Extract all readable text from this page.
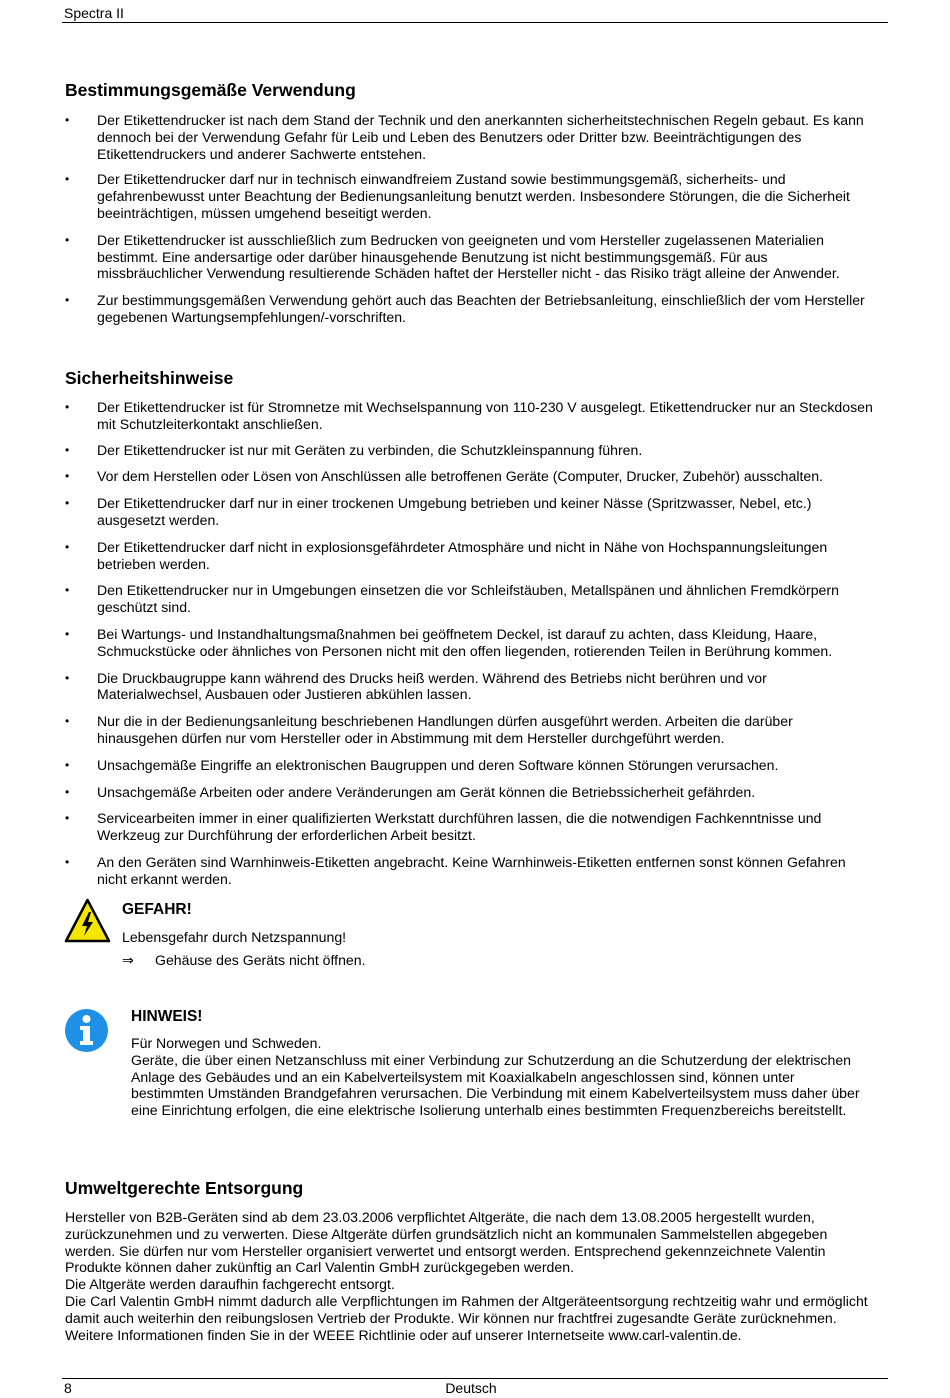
Spectra II
Bestimmungsgemäße Verwendung
• Der Etikettendrucker ist nach dem Stand der Technik und den anerkannten sicherheitstechnischen Regeln gebaut. Es kann dennoch bei der Verwendung Gefahr für Leib und Leben des Benutzers oder Dritter bzw. Beeinträchtigungen des Etikettendruckers und anderer Sachwerte entstehen.
• Der Etikettendrucker darf nur in technisch einwandfreiem Zustand sowie bestimmungsgemäß, sicherheits- und gefahrenbewusst unter Beachtung der Bedienungsanleitung benutzt werden. Insbesondere Störungen, die die Sicherheit beeinträchtigen, müssen umgehend beseitigt werden.
• Der Etikettendrucker ist ausschließlich zum Bedrucken von geeigneten und vom Hersteller zugelassenen Materialien bestimmt. Eine andersartige oder darüber hinausgehende Benutzung ist nicht bestimmungsgemäß. Für aus missbräuchlicher Verwendung resultierende Schäden haftet der Hersteller nicht - das Risiko trägt alleine der Anwender.
• Zur bestimmungsgemäßen Verwendung gehört auch das Beachten der Betriebsanleitung, einschließlich der vom Hersteller gegebenen Wartungsempfehlungen/-vorschriften.
Sicherheitshinweise
• Der Etikettendrucker ist für Stromnetze mit Wechselspannung von 110-230 V ausgelegt. Etikettendrucker nur an Steckdosen mit Schutzleiterkontakt anschließen.
• Der Etikettendrucker ist nur mit Geräten zu verbinden, die Schutzkleinspannung führen.
• Vor dem Herstellen oder Lösen von Anschlüssen alle betroffenen Geräte (Computer, Drucker, Zubehör) ausschalten.
• Der Etikettendrucker darf nur in einer trockenen Umgebung betrieben und keiner Nässe (Spritzwasser, Nebel, etc.) ausgesetzt werden.
• Der Etikettendrucker darf nicht in explosionsgefährdeter Atmosphäre und nicht in Nähe von Hochspannungsleitungen betrieben werden.
• Den Etikettendrucker nur in Umgebungen einsetzen die vor Schleifstäuben, Metallspänen und ähnlichen Fremdkörpern geschützt sind.
• Bei Wartungs- und Instandhaltungsmaßnahmen bei geöffnetem Deckel, ist darauf zu achten, dass Kleidung, Haare, Schmuckstücke oder ähnliches von Personen nicht mit den offen liegenden, rotierenden Teilen in Berührung kommen.
• Die Druckbaugruppe kann während des Drucks heiß werden. Während des Betriebs nicht berühren und vor Materialwechsel, Ausbauen oder Justieren abkühlen lassen.
• Nur die in der Bedienungsanleitung beschriebenen Handlungen dürfen ausgeführt werden. Arbeiten die darüber hinausgehen dürfen nur vom Hersteller oder in Abstimmung mit dem Hersteller durchgeführt werden.
• Unsachgemäße Eingriffe an elektronischen Baugruppen und deren Software können Störungen verursachen.
• Unsachgemäße Arbeiten oder andere Veränderungen am Gerät können die Betriebssicherheit gefährden.
• Servicearbeiten immer in einer qualifizierten Werkstatt durchführen lassen, die die notwendigen Fachkenntnisse und Werkzeug zur Durchführung der erforderlichen Arbeit besitzt.
• An den Geräten sind Warnhinweis-Etiketten angebracht. Keine Warnhinweis-Etiketten entfernen sonst können Gefahren nicht erkannt werden.
GEFAHR!

Lebensgefahr durch Netzspannung!

⇒ Gehäuse des Geräts nicht öffnen.
HINWEIS!

Für Norwegen und Schweden.

Geräte, die über einen Netzanschluss mit einer Verbindung zur Schutzerdung an die Schutzerdung der elektrischen Anlage des Gebäudes und an ein Kabelverteilsystem mit Koaxialkabeln angeschlossen sind, können unter bestimmten Umständen Brandgefahren verursachen. Die Verbindung mit einem Kabelverteilsystem muss daher über eine Einrichtung erfolgen, die eine elektrische Isolierung unterhalb eines bestimmten Frequenzbereichs bereitstellt.

Umweltgerechte Entsorgung

Hersteller von B2B-Geräten sind ab dem 23.03.2006 verpflichtet Altgeräte, die nach dem 13.08.2005 hergestellt wurden, zurückzunehmen und zu verwerten. Diese Altgeräte dürfen grundsätzlich nicht an kommunalen Sammelstellen abgegeben werden. Sie dürfen nur vom Hersteller organisiert verwertet und entsorgt werden. Entsprechend gekennzeichnete Valentin Produkte können daher zukünftig an Carl Valentin GmbH zurückgegeben werden.

Die Altgeräte werden daraufhin fachgerecht entsorgt.

Die Carl Valentin GmbH nimmt dadurch alle Verpflichtungen im Rahmen der Altgeräteentsorgung rechtzeitig wahr und ermöglicht damit auch weiterhin den reibungslosen Vertrieb der Produkte. Wir können nur frachtfrei zugesandte Geräte zurücknehmen.

Weitere Informationen finden Sie in der WEEE Richtlinie oder auf unserer Internetseite www.carl-valentin.de.

8	Deutsch
